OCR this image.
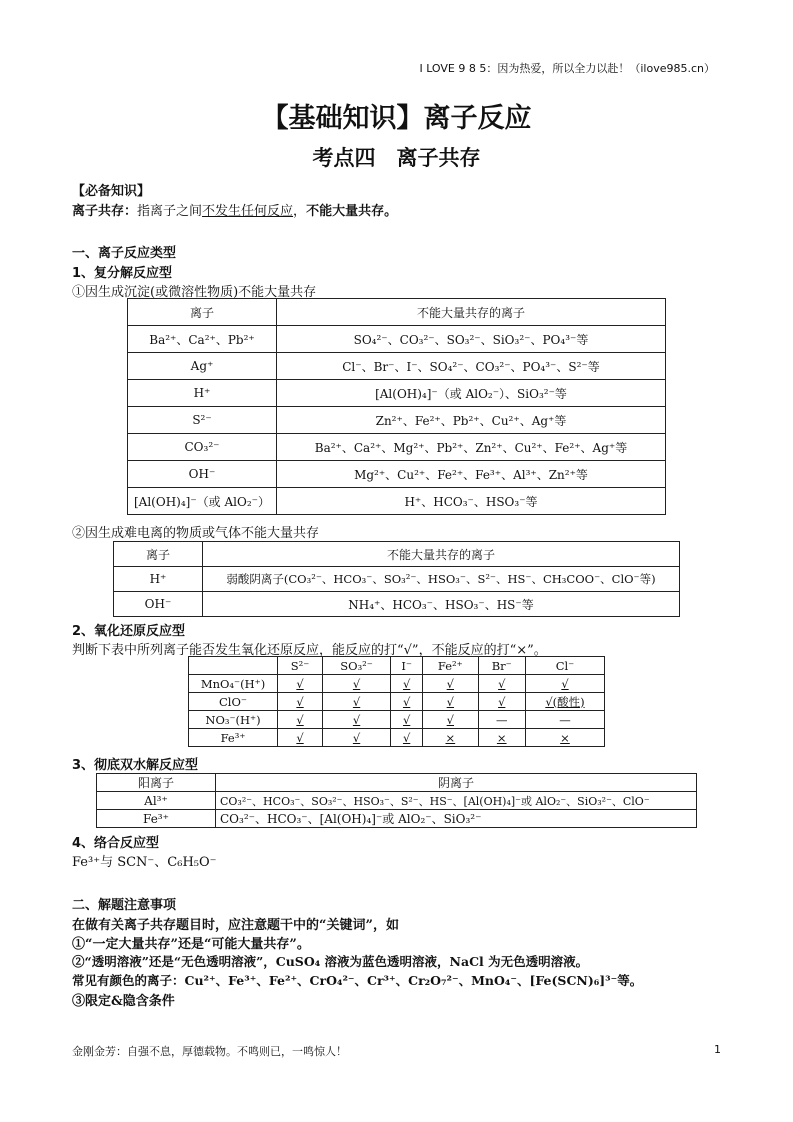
I LOVE 9 8 5：因为热爱，所以全力以赴！（ilove985.cn）
【基础知识】离子反应
考点四　离子共存
【必备知识】
离子共存：指离子之间不发生任何反应，不能大量共存。
一、离子反应类型
1、复分解反应型
①因生成沉淀(或微溶性物质)不能大量共存
离子	不能大量共存的离子
Ba²⁺、Ca²⁺、Pb²⁺	SO₄²⁻、CO₃²⁻、SO₃²⁻、SiO₃²⁻、PO₄³⁻等
Ag⁺	Cl⁻、Br⁻、I⁻、SO₄²⁻、CO₃²⁻、PO₄³⁻、S²⁻等
H⁺	[Al(OH)₄]⁻（或 AlO₂⁻）、SiO₃²⁻等
S²⁻	Zn²⁺、Fe²⁺、Pb²⁺、Cu²⁺、Ag⁺等
CO₃²⁻	Ba²⁺、Ca²⁺、Mg²⁺、Pb²⁺、Zn²⁺、Cu²⁺、Fe²⁺、Ag⁺等
OH⁻	Mg²⁺、Cu²⁺、Fe²⁺、Fe³⁺、Al³⁺、Zn²⁺等
[Al(OH)₄]⁻（或 AlO₂⁻）	H⁺、HCO₃⁻、HSO₃⁻等
②因生成难电离的物质或气体不能大量共存
离子	不能大量共存的离子
H⁺	弱酸阴离子(CO₃²⁻、HCO₃⁻、SO₃²⁻、HSO₃⁻、S²⁻、HS⁻、CH₃COO⁻、ClO⁻等)
OH⁻	NH₄⁺、HCO₃⁻、HSO₃⁻、HS⁻等
2、氧化还原反应型
判断下表中所列离子能否发生氧化还原反应，能反应的打“√”，不能反应的打“×”。
	S²⁻	SO₃²⁻	I⁻	Fe²⁺	Br⁻	Cl⁻
MnO₄⁻(H⁺)	√	√	√	√	√	√
ClO⁻	√	√	√	√	√	√(酸性)
NO₃⁻(H⁺)	√	√	√	√	—	—
Fe³⁺	√	√	√	×	×	×
3、彻底双水解反应型
阳离子	阴离子
Al³⁺	CO₃²⁻、HCO₃⁻、SO₃²⁻、HSO₃⁻、S²⁻、HS⁻、[Al(OH)₄]⁻或 AlO₂⁻、SiO₃²⁻、ClO⁻
Fe³⁺	CO₃²⁻、HCO₃⁻、[Al(OH)₄]⁻或 AlO₂⁻、SiO₃²⁻
4、络合反应型
Fe³⁺与 SCN⁻、C₆H₅O⁻
二、解题注意事项
在做有关离子共存题目时，应注意题干中的“关键词”，如
①“一定大量共存”还是“可能大量共存”。
②“透明溶液”还是“无色透明溶液”，CuSO₄ 溶液为蓝色透明溶液，NaCl 为无色透明溶液。
常见有颜色的离子：Cu²⁺、Fe³⁺、Fe²⁺、CrO₄²⁻、Cr³⁺、Cr₂O₇²⁻、MnO₄⁻、[Fe(SCN)₆]³⁻等。
③限定&隐含条件
金刚金芳：自强不息，厚德载物。不鸣则已，一鸣惊人！	1
